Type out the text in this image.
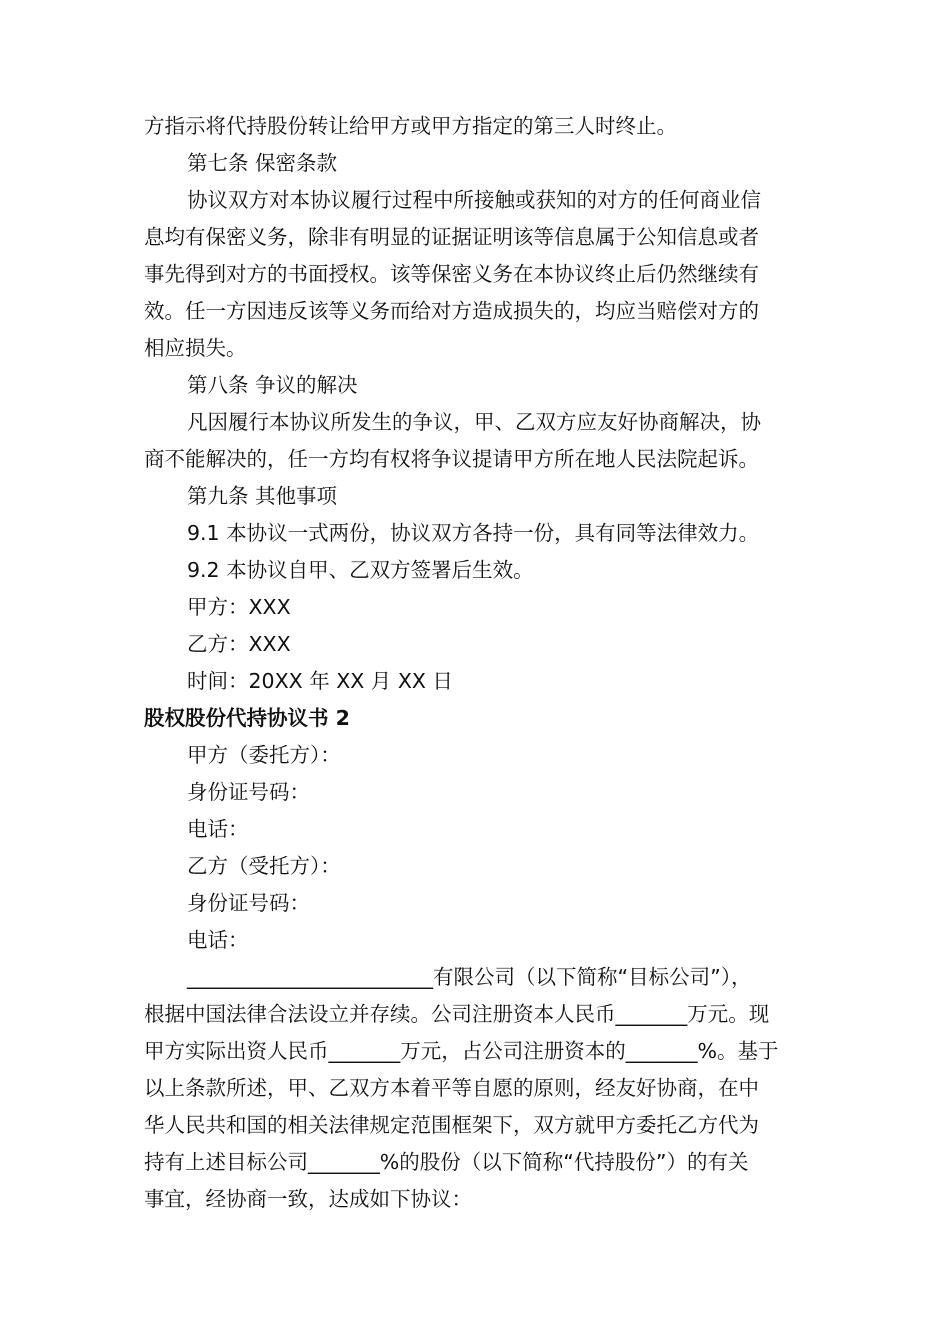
方指示将代持股份转让给甲方或甲方指定的第三人时终止。
第七条 保密条款
协议双方对本协议履行过程中所接触或获知的对方的任何商业信
息均有保密义务，除非有明显的证据证明该等信息属于公知信息或者
事先得到对方的书面授权。该等保密义务在本协议终止后仍然继续有
效。任一方因违反该等义务而给对方造成损失的，均应当赔偿对方的
相应损失。
第八条 争议的解决
凡因履行本协议所发生的争议，甲、乙双方应友好协商解决，协
商不能解决的，任一方均有权将争议提请甲方所在地人民法院起诉。
第九条 其他事项
9.1 本协议一式两份，协议双方各持一份，具有同等法律效力。
9.2 本协议自甲、乙双方签署后生效。
甲方：XXX
乙方：XXX
时间：20XX 年 XX 月 XX 日
股权股份代持协议书 2
甲方（委托方）：
身份证号码：
电话：
乙方（受托方）：
身份证号码：
电话：
________________________有限公司（以下简称“目标公司”），
根据中国法律合法设立并存续。公司注册资本人民币_______万元。现
甲方实际出资人民币_______万元，占公司注册资本的_______%。基于
以上条款所述，甲、乙双方本着平等自愿的原则，经友好协商，在中
华人民共和国的相关法律规定范围框架下，双方就甲方委托乙方代为
持有上述目标公司_______%的股份（以下简称“代持股份”）的有关
事宜，经协商一致，达成如下协议：
